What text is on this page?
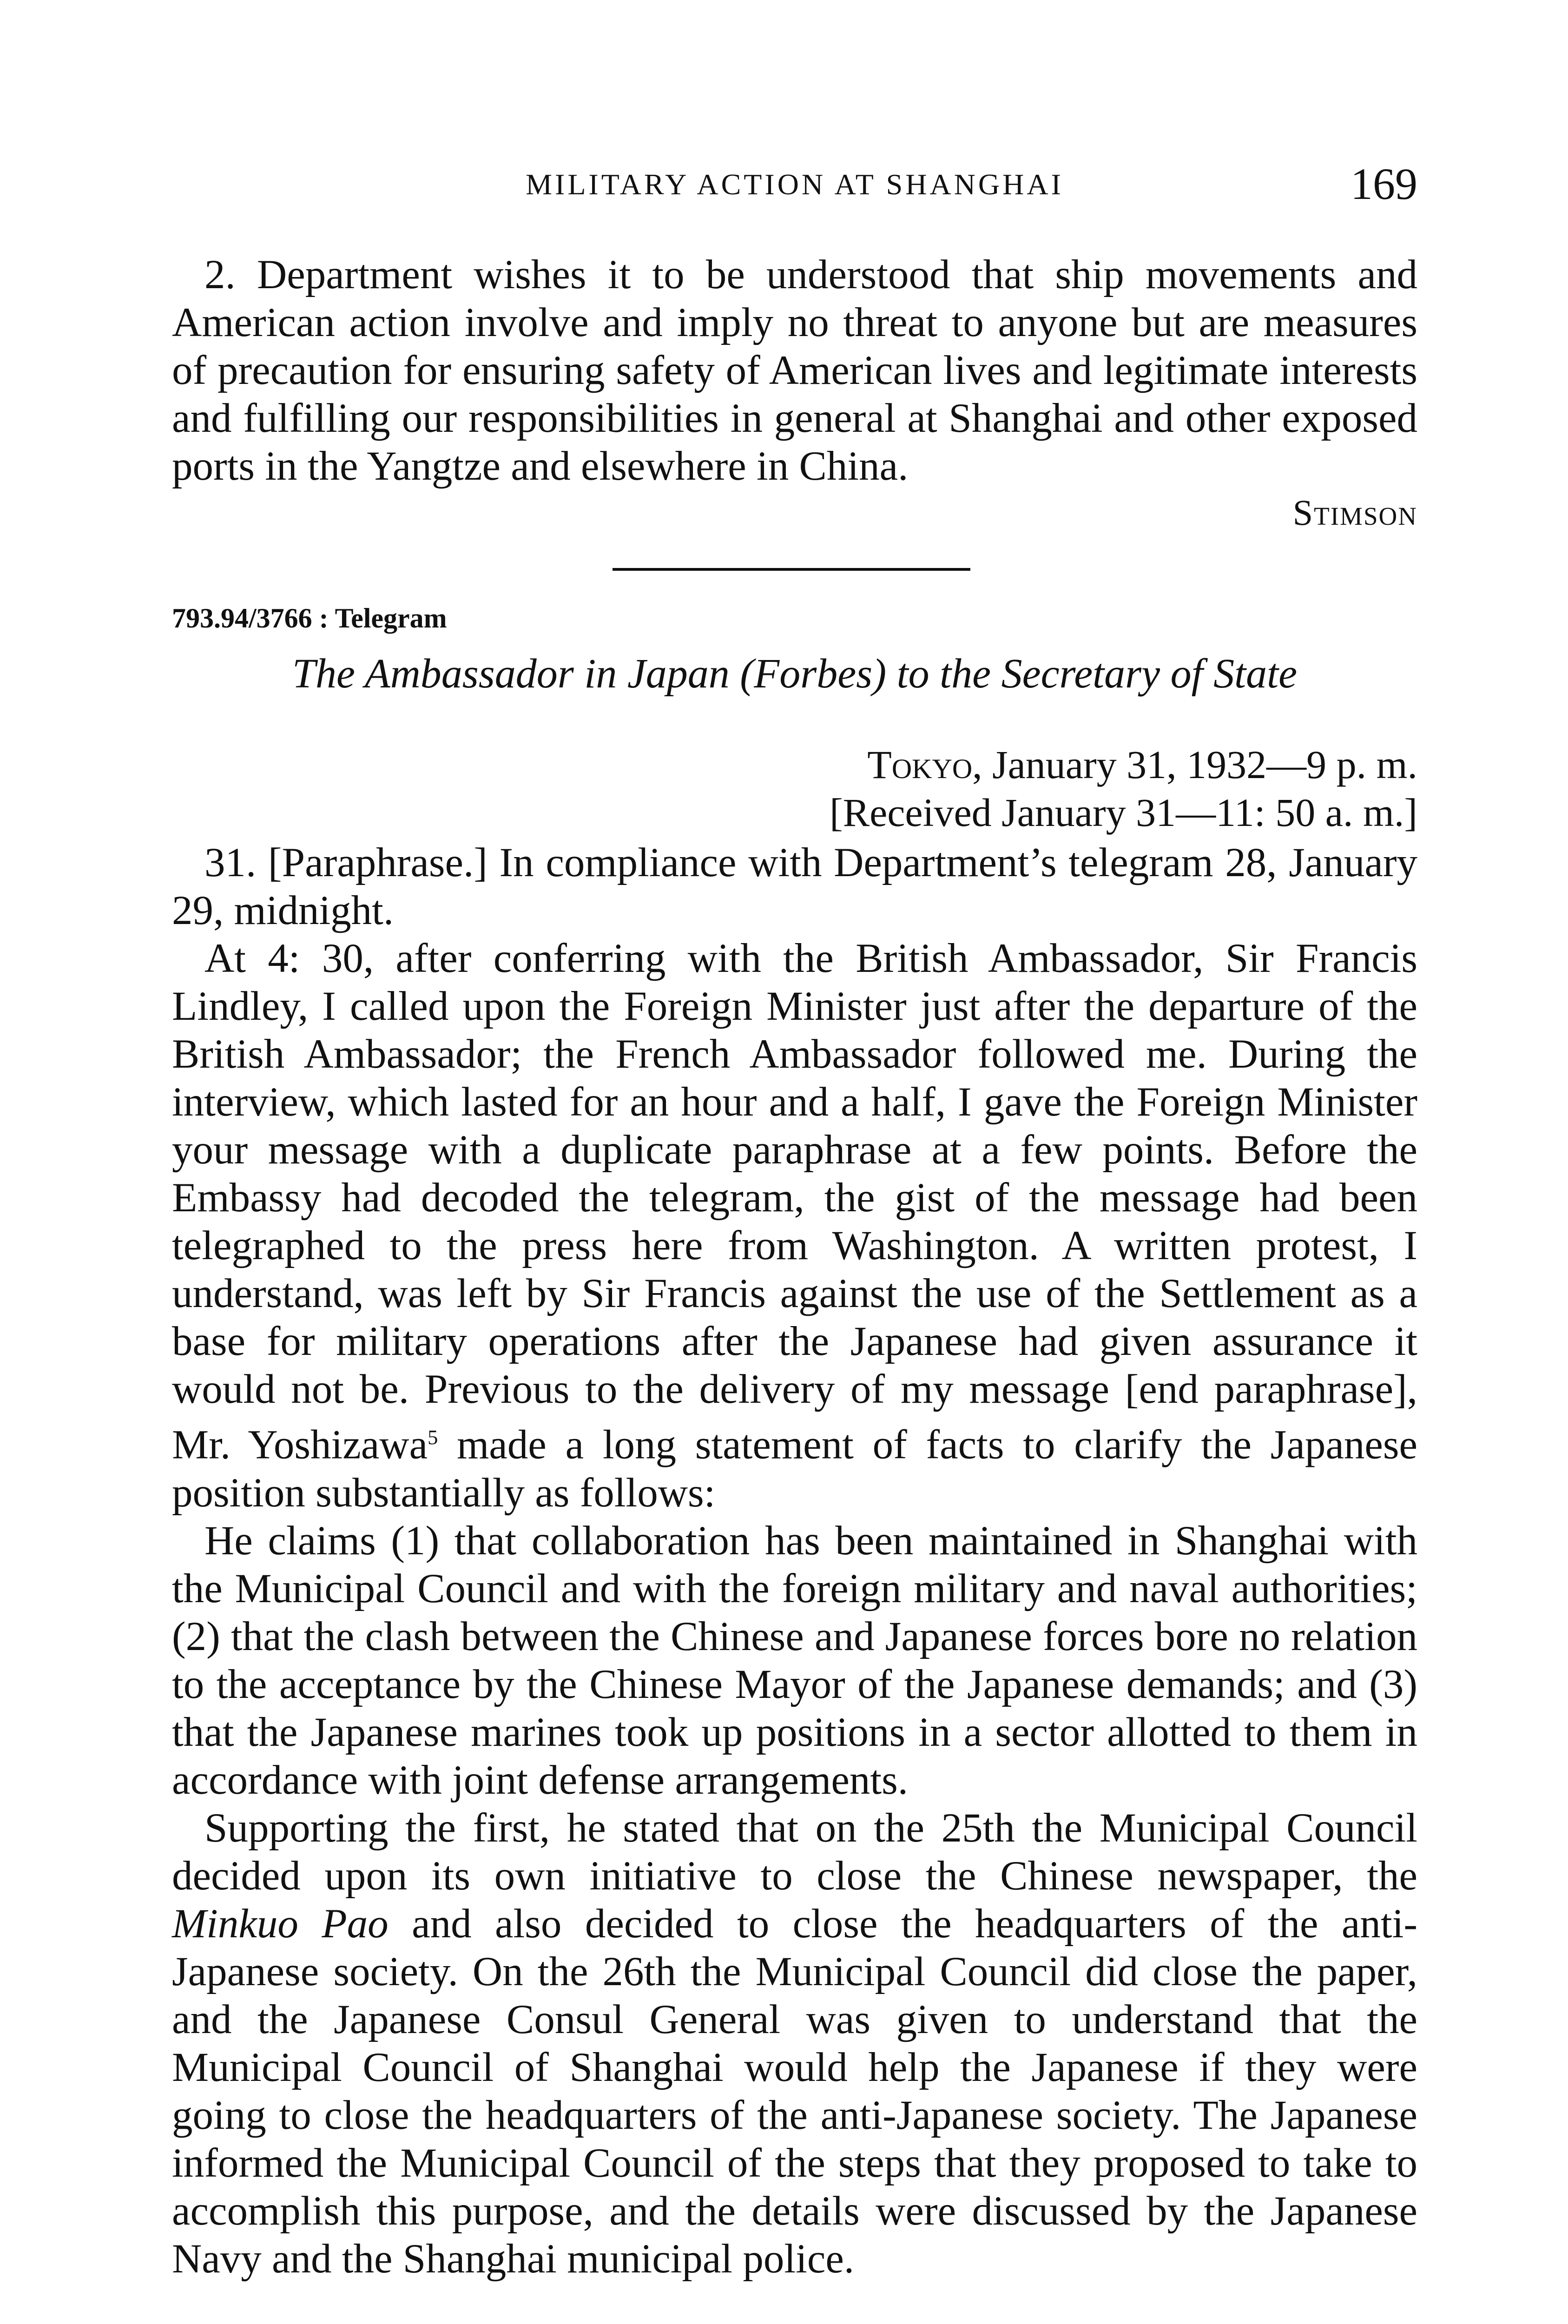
MILITARY ACTION AT SHANGHAI	169

2. Department wishes it to be understood that ship movements and American action involve and imply no threat to anyone but are measures of precaution for ensuring safety of American lives and legitimate interests and fulfilling our responsibilities in general at Shanghai and other exposed ports in the Yangtze and elsewhere in China.

Stimson
793.94/3766 : Telegram
The Ambassador in Japan (Forbes) to the Secretary of State
Tokyo, January 31, 1932—9 p. m.
[Received January 31—11: 50 a. m.]

31. [Paraphrase.] In compliance with Department’s telegram 28, January 29, midnight.

At 4: 30, after conferring with the British Ambassador, Sir Francis Lindley, I called upon the Foreign Minister just after the departure of the British Ambassador; the French Ambassador followed me. During the interview, which lasted for an hour and a half, I gave the Foreign Minister your message with a duplicate paraphrase at a few points. Before the Embassy had decoded the telegram, the gist of the message had been telegraphed to the press here from Washington. A written protest, I understand, was left by Sir Francis against the use of the Settlement as a base for military operations after the Japanese had given assurance it would not be. Previous to the delivery of my message [end paraphrase], Mr. Yoshizawa$^5$ made a long statement of facts to clarify the Japanese position substantially as follows:

He claims (1) that collaboration has been maintained in Shanghai with the Municipal Council and with the foreign military and naval authorities; (2) that the clash between the Chinese and Japanese forces bore no relation to the acceptance by the Chinese Mayor of the Japanese demands; and (3) that the Japanese marines took up positions in a sector allotted to them in accordance with joint defense arrangements.

Supporting the first, he stated that on the 25th the Municipal Council decided upon its own initiative to close the Chinese newspaper, the Minkuo Pao and also decided to close the headquarters of the anti-Japanese society. On the 26th the Municipal Council did close the paper, and the Japanese Consul General was given to understand that the Municipal Council of Shanghai would help the Japanese if they were going to close the headquarters of the anti-Japanese society. The Japanese informed the Municipal Council of the steps that they proposed to take to accomplish this purpose, and the details were discussed by the Japanese Navy and the Shanghai municipal police.
